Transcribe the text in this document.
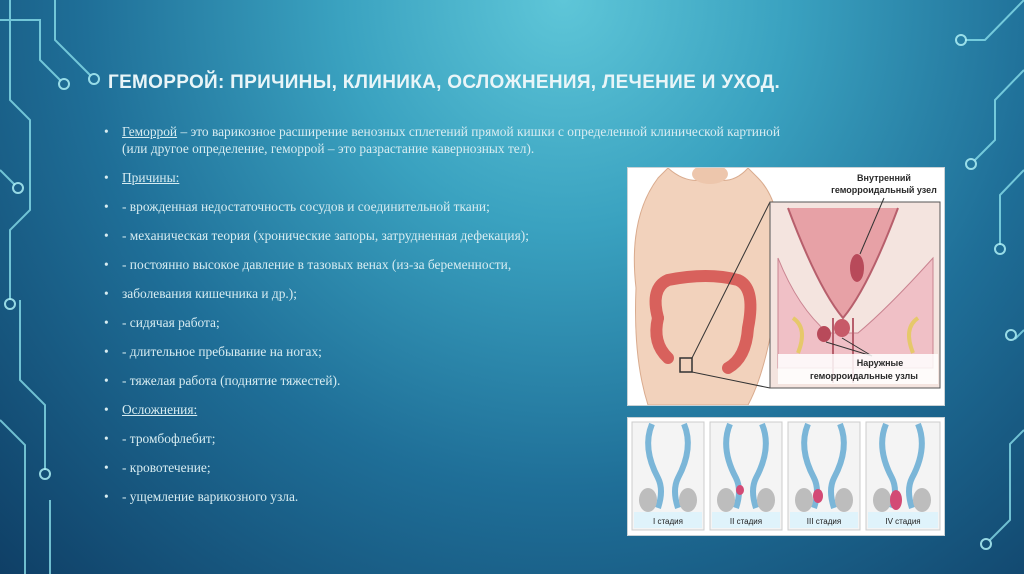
ГЕМОРРОЙ: ПРИЧИНЫ, КЛИНИКА, ОСЛОЖНЕНИЯ, ЛЕЧЕНИЕ И УХОД.
• Геморрой – это варикозное расширение венозных сплетений прямой кишки с определенной клинической картиной
(или другое определение, геморрой – это разрастание кавернозных тел).
• Причины:
• - врожденная недостаточность сосудов и соединительной ткани;
• - механическая теория (хронические запоры, затрудненная дефекация);
• - постоянно высокое давление в тазовых венах (из-за беременности,
• заболевания кишечника и др.);
• - сидячая работа;
• - длительное пребывание на ногах;
• - тяжелая работа (поднятие тяжестей).
• Осложнения:
• - тромбофлебит;
• - кровотечение;
• - ущемление варикозного узла.
Внутренний
геморроидальный узел
Наружные
геморроидальные узлы
I стадия	II стадия	III стадия	IV стадия
